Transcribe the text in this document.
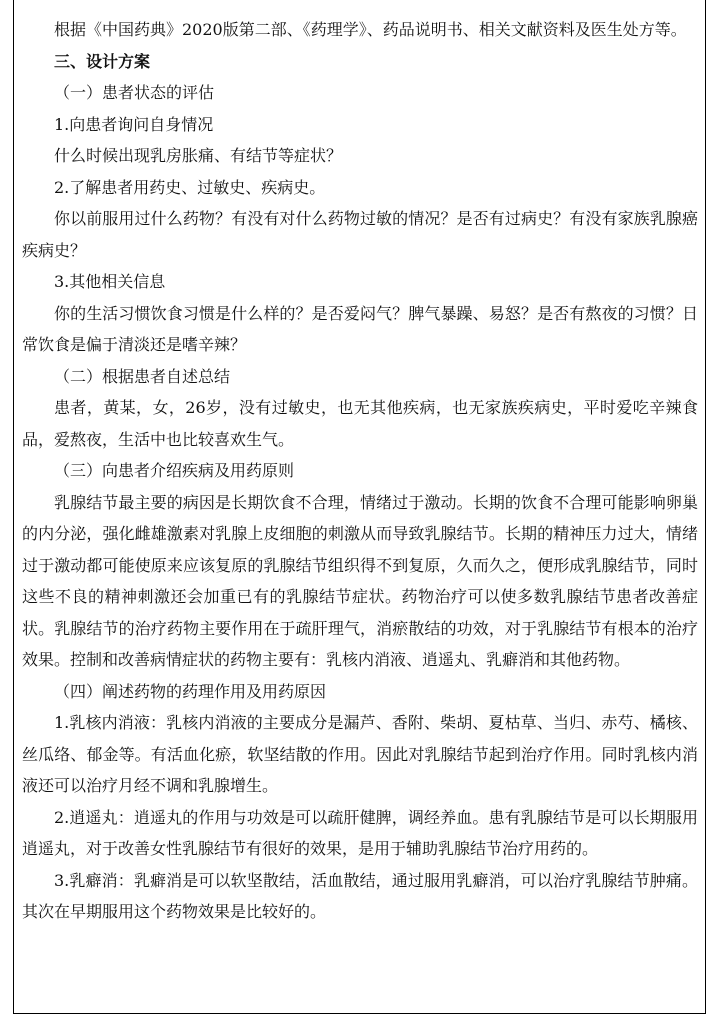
根据《中国药典》2020版第二部、《药理学》、药品说明书、相关文献资料及医生处方等。

三、设计方案

（一）患者状态的评估

1.向患者询问自身情况

什么时候出现乳房胀痛、有结节等症状？

2.了解患者用药史、过敏史、疾病史。

你以前服用过什么药物？有没有对什么药物过敏的情况？是否有过病史？有没有家族乳腺癌疾病史？

3.其他相关信息

你的生活习惯饮食习惯是什么样的？是否爱闷气？脾气暴躁、易怒？是否有熬夜的习惯？日常饮食是偏于清淡还是嗜辛辣？

（二）根据患者自述总结

患者，黄某，女，26岁，没有过敏史，也无其他疾病，也无家族疾病史，平时爱吃辛辣食品，爱熬夜，生活中也比较喜欢生气。

（三）向患者介绍疾病及用药原则

乳腺结节最主要的病因是长期饮食不合理，情绪过于激动。长期的饮食不合理可能影响卵巢的内分泌，强化雌雄激素对乳腺上皮细胞的刺激从而导致乳腺结节。长期的精神压力过大，情绪过于激动都可能使原来应该复原的乳腺结节组织得不到复原，久而久之，便形成乳腺结节，同时这些不良的精神刺激还会加重已有的乳腺结节症状。药物治疗可以使多数乳腺结节患者改善症状。乳腺结节的治疗药物主要作用在于疏肝理气，消瘀散结的功效，对于乳腺结节有根本的治疗效果。控制和改善病情症状的药物主要有：乳核内消液、逍遥丸、乳癖消和其他药物。

（四）阐述药物的药理作用及用药原因

1.乳核内消液：乳核内消液的主要成分是漏芦、香附、柴胡、夏枯草、当归、赤芍、橘核、丝瓜络、郁金等。有活血化瘀，软坚结散的作用。因此对乳腺结节起到治疗作用。同时乳核内消液还可以治疗月经不调和乳腺增生。

2.逍遥丸：逍遥丸的作用与功效是可以疏肝健脾，调经养血。患有乳腺结节是可以长期服用逍遥丸，对于改善女性乳腺结节有很好的效果，是用于辅助乳腺结节治疗用药的。

3.乳癖消：乳癖消是可以软坚散结，活血散结，通过服用乳癖消，可以治疗乳腺结节肿痛。其次在早期服用这个药物效果是比较好的。
